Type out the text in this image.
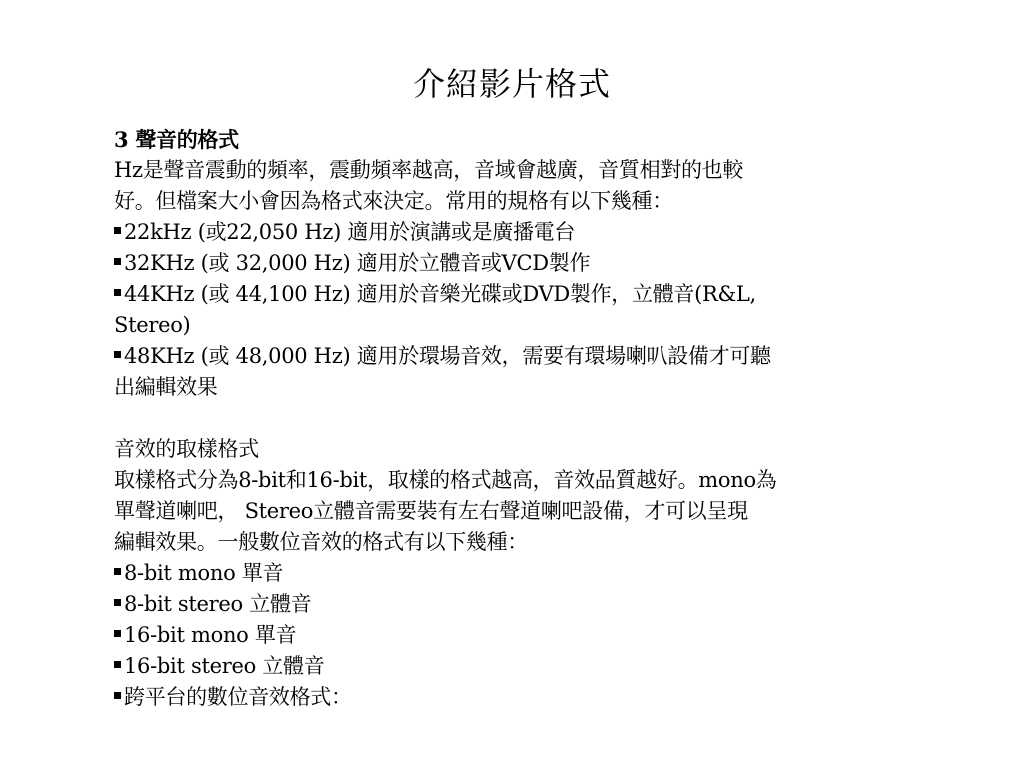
介紹影片格式
3 聲音的格式
Hz是聲音震動的頻率，震動頻率越高，音域會越廣，音質相對的也較
好。但檔案大小會因為格式來決定。常用的規格有以下幾種：
22kHz (或22,050 Hz) 適用於演講或是廣播電台
32KHz (或 32,000 Hz) 適用於立體音或VCD製作
44KHz (或 44,100 Hz) 適用於音樂光碟或DVD製作，立體音(R&L,
Stereo)
48KHz (或 48,000 Hz) 適用於環場音效，需要有環場喇叭設備才可聽
出編輯效果
音效的取樣格式
取樣格式分為8-bit和16-bit，取樣的格式越高，音效品質越好。mono為
單聲道喇吧， Stereo立體音需要裝有左右聲道喇吧設備，才可以呈現
編輯效果。一般數位音效的格式有以下幾種：
8-bit mono 單音
8-bit stereo 立體音
16-bit mono 單音
16-bit stereo 立體音
跨平台的數位音效格式：
